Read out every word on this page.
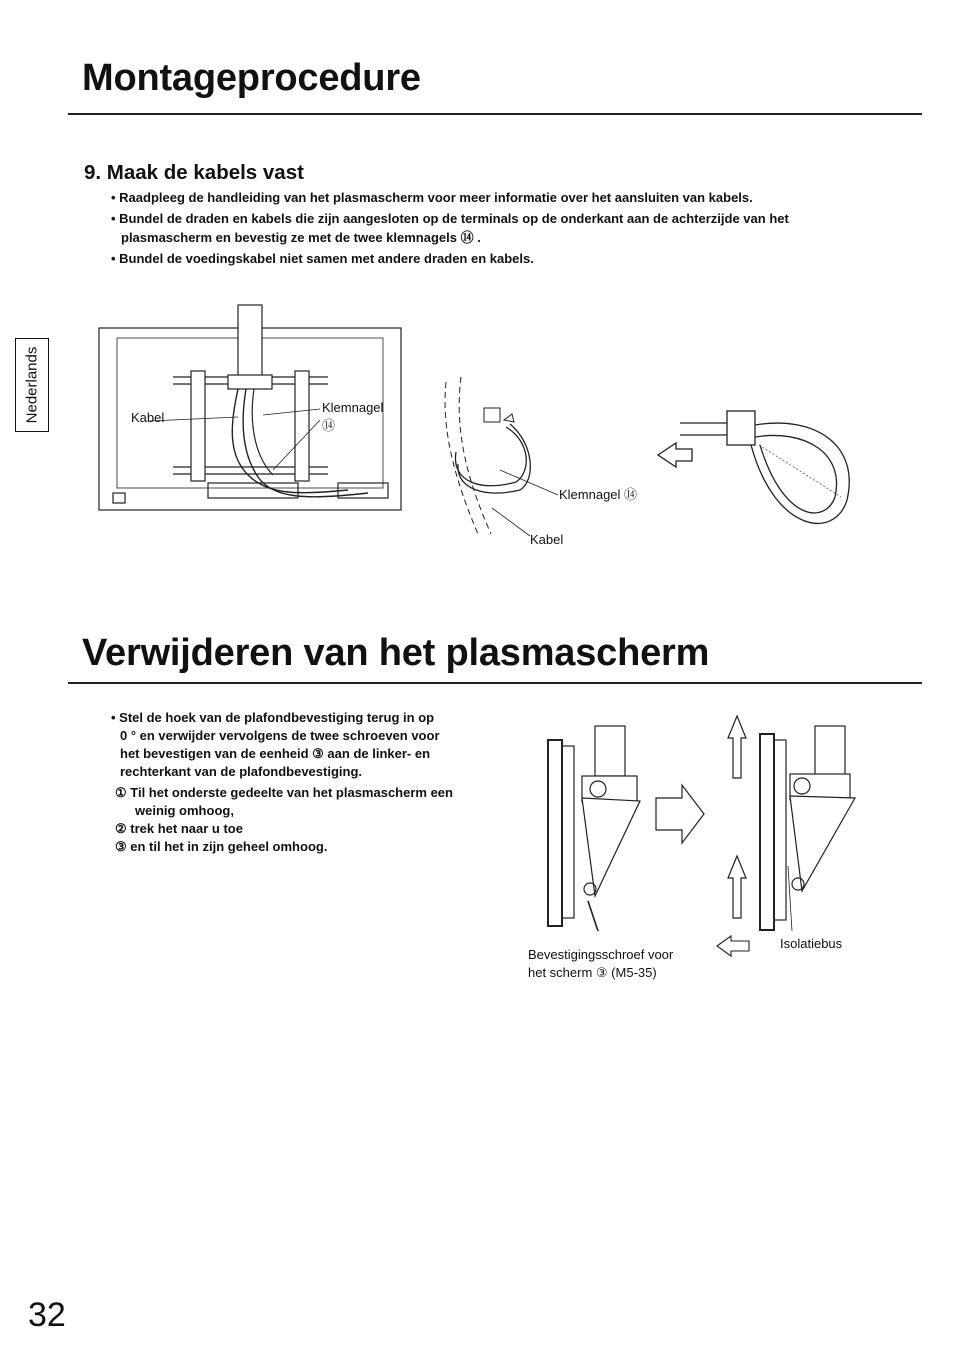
Montageprocedure
9. Maak de kabels vast
• Raadpleeg de handleiding van het plasmascherm voor meer informatie over het aansluiten van kabels.
• Bundel de draden en kabels die zijn aangesloten op de terminals op de onderkant aan de achterzijde van het
plasmascherm en bevestig ze met de twee klemnagels ⑭ .
• Bundel de voedingskabel niet samen met andere draden en kabels.
Nederlands	Kabel
Klemnagel
⑭
Klemnagel ⑭
Kabel
Verwijderen van het plasmascherm
• Stel de hoek van de plafondbevestiging terug in op
0 ° en verwijder vervolgens de twee schroeven voor
het bevestigen van de eenheid ③ aan de linker- en
rechterkant van de plafondbevestiging.
① Til het onderste gedeelte van het plasmascherm een
weinig omhoog,
② trek het naar u toe
③ en til het in zijn geheel omhoog.
Bevestigingsschroef voor
het scherm ③ (M5-35)
Isolatiebus
32
